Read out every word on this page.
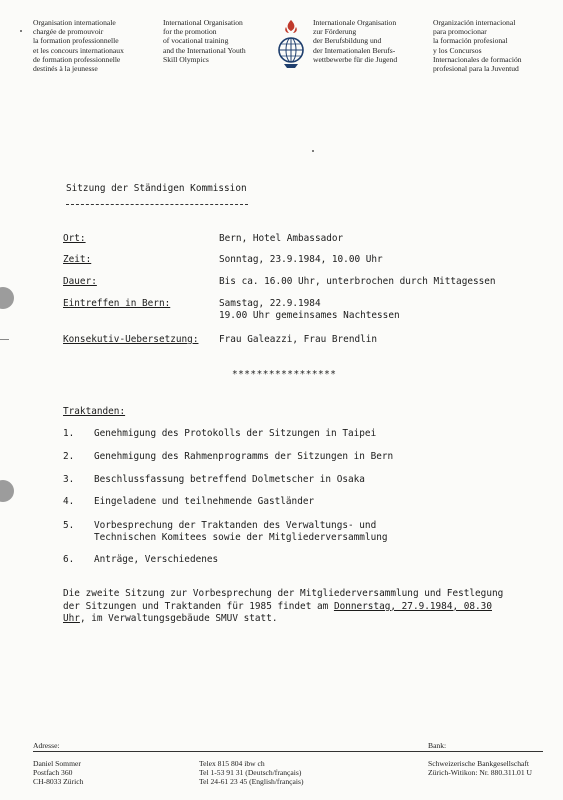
Organisation internationale
chargée de promouvoir
la formation professionnelle
et les concours internationaux
de formation professionnelle
destinés à la jeunesse
International Organisation
for the promotion
of vocational training
and the International Youth
Skill Olympics
Internationale Organisation
zur Förderung
der Berufsbildung und
der Internationalen Berufs-
wettbewerbe für die Jugend
Organización internacional
para promocionar
la formación profesional
y los Concursos
Internacionales de formación
profesional para la Juventud
Sitzung der Ständigen Kommission
Ort:	Bern, Hotel Ambassador
Zeit:	Sonntag, 23.9.1984, 10.00 Uhr
Dauer:	Bis ca. 16.00 Uhr, unterbrochen durch Mittagessen
Eintreffen in Bern:	Samstag, 22.9.1984
19.00 Uhr gemeinsames Nachtessen
Konsekutiv-Uebersetzung: Frau Galeazzi, Frau Brendlin
*****************
Traktanden:
1. Genehmigung des Protokolls der Sitzungen in Taipei
2. Genehmigung des Rahmenprogramms der Sitzungen in Bern
3. Beschlussfassung betreffend Dolmetscher in Osaka
4. Eingeladene und teilnehmende Gastländer
5. Vorbesprechung der Traktanden des Verwaltungs- und
Technischen Komitees sowie der Mitgliederversammlung
6. Anträge, Verschiedenes
Die zweite Sitzung zur Vorbesprechung der Mitgliederversammlung und Festlegung
der Sitzungen und Traktanden für 1985 findet am Donnerstag, 27.9.1984, 08.30
Uhr, im Verwaltungsgebäude SMUV statt.
Adresse:	Bank:
Daniel Sommer
Postfach 360
CH-8033 Zürich
Telex 815 804 ibw ch
Tel 1-53 91 31 (Deutsch/français)
Tel 24-61 23 45 (English/français)
Schweizerische Bankgesellschaft
Zürich-Witikon: Nr. 880.311.01 U
